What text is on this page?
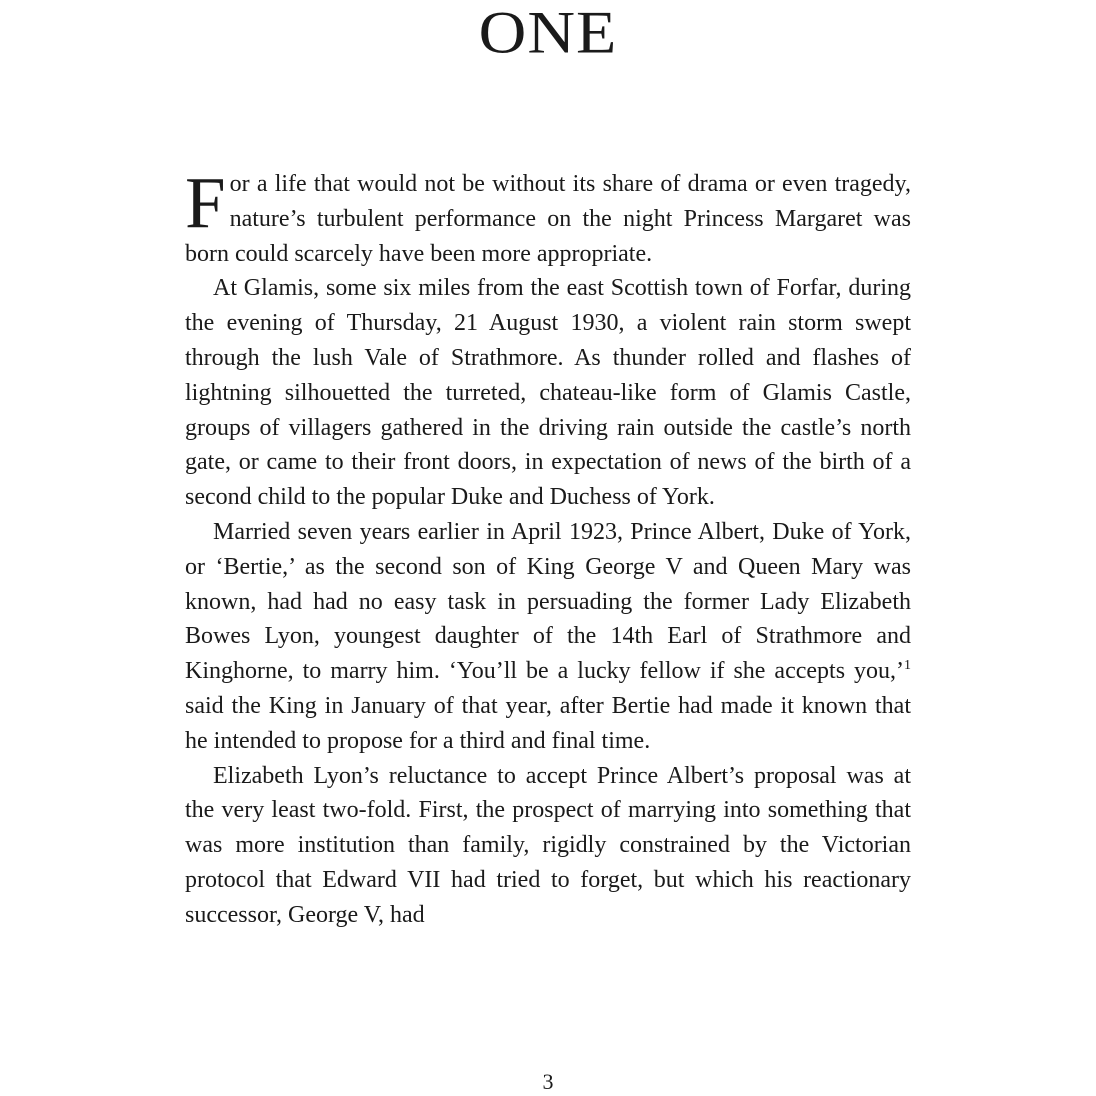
ONE

For a life that would not be without its share of drama or even tragedy, nature’s turbulent performance on the night Princess Margaret was born could scarcely have been more appropriate.

At Glamis, some six miles from the east Scottish town of Forfar, during the evening of Thursday, 21 August 1930, a violent rain storm swept through the lush Vale of Strathmore. As thunder rolled and flashes of lightning silhouetted the turreted, chateau-like form of Glamis Castle, groups of villagers gathered in the driving rain outside the castle’s north gate, or came to their front doors, in expectation of news of the birth of a second child to the popular Duke and Duchess of York.

Married seven years earlier in April 1923, Prince Albert, Duke of York, or ‘Bertie,’ as the second son of King George V and Queen Mary was known, had had no easy task in persuading the former Lady Elizabeth Bowes Lyon, youngest daughter of the 14th Earl of Strathmore and Kinghorne, to marry him. ‘You’ll be a lucky fellow if she accepts you,’$^1$ said the King in January of that year, after Bertie had made it known that he intended to propose for a third and final time.

Elizabeth Lyon’s reluctance to accept Prince Albert’s proposal was at the very least two-fold. First, the prospect of marrying into something that was more institution than family, rigidly constrained by the Victorian protocol that Edward VII had tried to forget, but which his reactionary successor, George V, had

3
